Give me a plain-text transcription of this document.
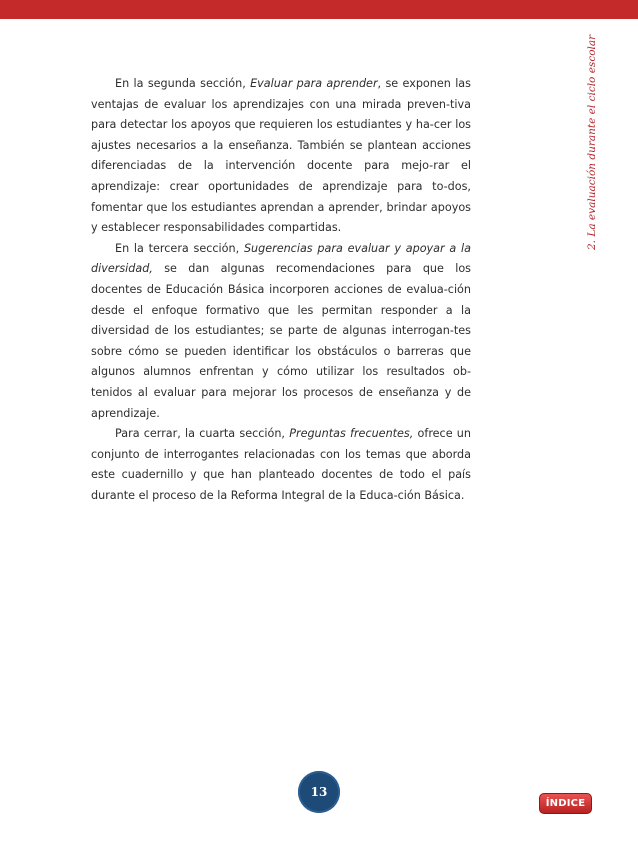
2. La evaluación durante el ciclo escolar

En la segunda sección, Evaluar para aprender, se exponen las ventajas de evaluar los aprendizajes con una mirada preven-tiva para detectar los apoyos que requieren los estudiantes y ha-cer los ajustes necesarios a la enseñanza. También se plantean acciones diferenciadas de la intervención docente para mejo-rar el aprendizaje: crear oportunidades de aprendizaje para to-dos, fomentar que los estudiantes aprendan a aprender, brindar apoyos y establecer responsabilidades compartidas.

En la tercera sección, Sugerencias para evaluar y apoyar a la diversidad, se dan algunas recomendaciones para que los docentes de Educación Básica incorporen acciones de evalua-ción desde el enfoque formativo que les permitan responder a la diversidad de los estudiantes; se parte de algunas interrogan-tes sobre cómo se pueden identificar los obstáculos o barreras que algunos alumnos enfrentan y cómo utilizar los resultados ob-tenidos al evaluar para mejorar los procesos de enseñanza y de aprendizaje.

Para cerrar, la cuarta sección, Preguntas frecuentes, ofrece un conjunto de interrogantes relacionadas con los temas que aborda este cuadernillo y que han planteado docentes de todo el país durante el proceso de la Reforma Integral de la Educa-ción Básica.

13
ÍNDICE
